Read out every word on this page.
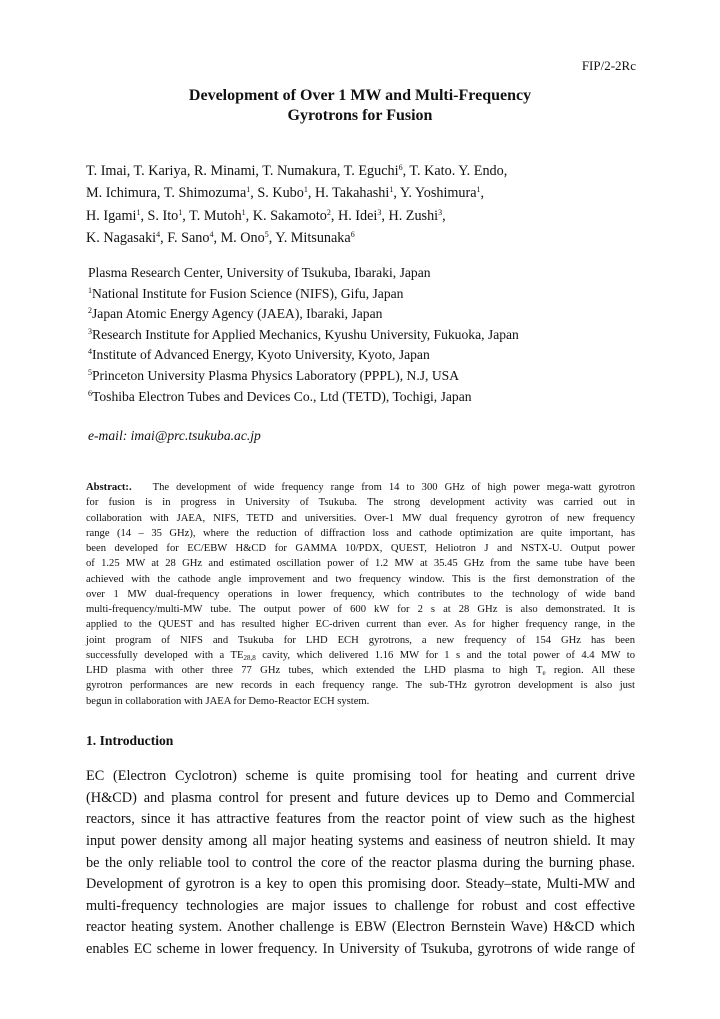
FIP/2-2Rc
Development of Over 1 MW and Multi-Frequency
Gyrotrons for Fusion
T. Imai, T. Kariya, R. Minami, T. Numakura, T. Eguchi$^6$, T. Kato. Y. Endo,
M. Ichimura, T. Shimozuma$^1$, S. Kubo$^1$, H. Takahashi$^1$, Y. Yoshimura$^1$,
H. Igami$^1$, S. Ito$^1$, T. Mutoh$^1$, K. Sakamoto$^2$, H. Idei$^3$, H. Zushi$^3$,
K. Nagasaki$^4$, F. Sano$^4$, M. Ono$^5$, Y. Mitsunaka$^6$
Plasma Research Center, University of Tsukuba, Ibaraki, Japan
$^1$National Institute for Fusion Science (NIFS), Gifu, Japan
$^2$Japan Atomic Energy Agency (JAEA), Ibaraki, Japan
$^3$Research Institute for Applied Mechanics, Kyushu University, Fukuoka, Japan
$^4$Institute of Advanced Energy, Kyoto University, Kyoto, Japan
$^5$Princeton University Plasma Physics Laboratory (PPPL), N.J, USA
$^6$Toshiba Electron Tubes and Devices Co., Ltd (TETD), Tochigi, Japan
e-mail: imai@prc.tsukuba.ac.jp
Abstract:. The development of wide frequency range from 14 to 300 GHz of high power mega-watt gyrotron
for fusion is in progress in University of Tsukuba. The strong development activity was carried out in
collaboration with JAEA, NIFS, TETD and universities. Over-1 MW dual frequency gyrotron of new frequency
range (14 – 35 GHz), where the reduction of diffraction loss and cathode optimization are quite important, has
been developed for EC/EBW H&CD for GAMMA 10/PDX, QUEST, Heliotron J and NSTX-U. Output power
of 1.25 MW at 28 GHz and estimated oscillation power of 1.2 MW at 35.45 GHz from the same tube have been
achieved with the cathode angle improvement and two frequency window. This is the first demonstration of the
over 1 MW dual-frequency operations in lower frequency, which contributes to the technology of wide band
multi-frequency/multi-MW tube. The output power of 600 kW for 2 s at 28 GHz is also demonstrated. It is
applied to the QUEST and has resulted higher EC-driven current than ever. As for higher frequency range, in the
joint program of NIFS and Tsukuba for LHD ECH gyrotrons, a new frequency of 154 GHz has been
successfully developed with a $TE_{28,8}$ cavity, which delivered 1.16 MW for 1 s and the total power of 4.4 MW to
LHD plasma with other three 77 GHz tubes, which extended the LHD plasma to high $T_e$ region. All these
gyrotron performances are new records in each frequency range. The sub-THz gyrotron development is also just
begun in collaboration with JAEA for Demo-Reactor ECH system.
1. Introduction
EC (Electron Cyclotron) scheme is quite promising tool for heating and current drive
(H&CD) and plasma control for present and future devices up to Demo and Commercial
reactors, since it has attractive features from the reactor point of view such as the highest
input power density among all major heating systems and easiness of neutron shield. It may
be the only reliable tool to control the core of the reactor plasma during the burning phase.
Development of gyrotron is a key to open this promising door. Steady–state, Multi-MW and
multi-frequency technologies are major issues to challenge for robust and cost effective
reactor heating system. Another challenge is EBW (Electron Bernstein Wave) H&CD which
enables EC scheme in lower frequency. In University of Tsukuba, gyrotrons of wide range of
